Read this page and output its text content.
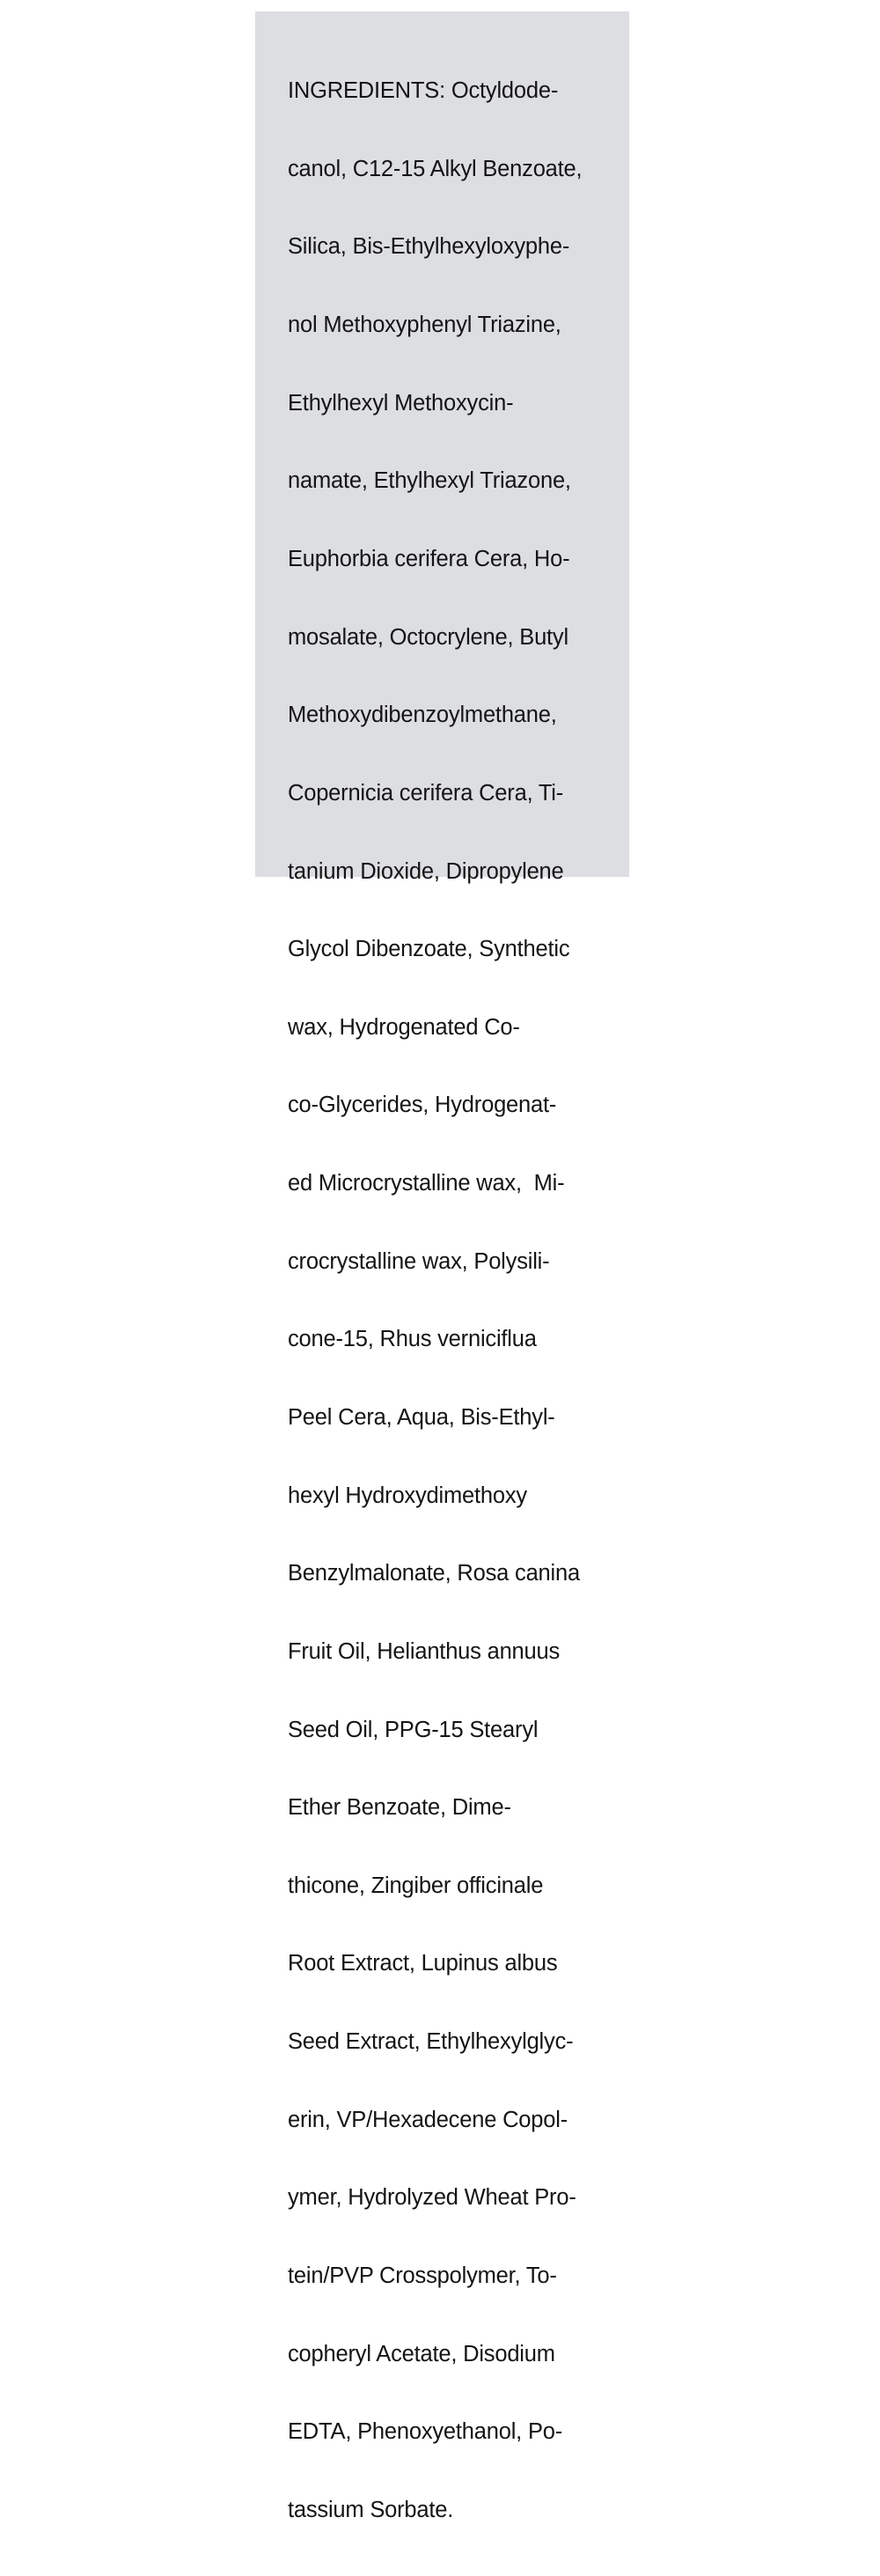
INGREDIENTS: Octyldode-

canol, C12-15 Alkyl Benzoate,

Silica, Bis-Ethylhexyloxyphe-

nol Methoxyphenyl Triazine,

Ethylhexyl Methoxycin-

namate, Ethylhexyl Triazone,

Euphorbia cerifera Cera, Ho-

mosalate, Octocrylene, Butyl

Methoxydibenzoylmethane,

Copernicia cerifera Cera, Ti-

tanium Dioxide, Dipropylene

Glycol Dibenzoate, Synthetic

wax, Hydrogenated Co-

co-Glycerides, Hydrogenat-

ed Microcrystalline wax,  Mi-

crocrystalline wax, Polysili-

cone-15, Rhus verniciflua

Peel Cera, Aqua, Bis-Ethyl-

hexyl Hydroxydimethoxy

Benzylmalonate, Rosa canina

Fruit Oil, Helianthus annuus

Seed Oil, PPG-15 Stearyl

Ether Benzoate, Dime-

thicone, Zingiber officinale

Root Extract, Lupinus albus

Seed Extract, Ethylhexylglyc-

erin, VP/Hexadecene Copol-

ymer, Hydrolyzed Wheat Pro-

tein/PVP Crosspolymer, To-

copheryl Acetate, Disodium

EDTA, Phenoxyethanol, Po-

tassium Sorbate.
